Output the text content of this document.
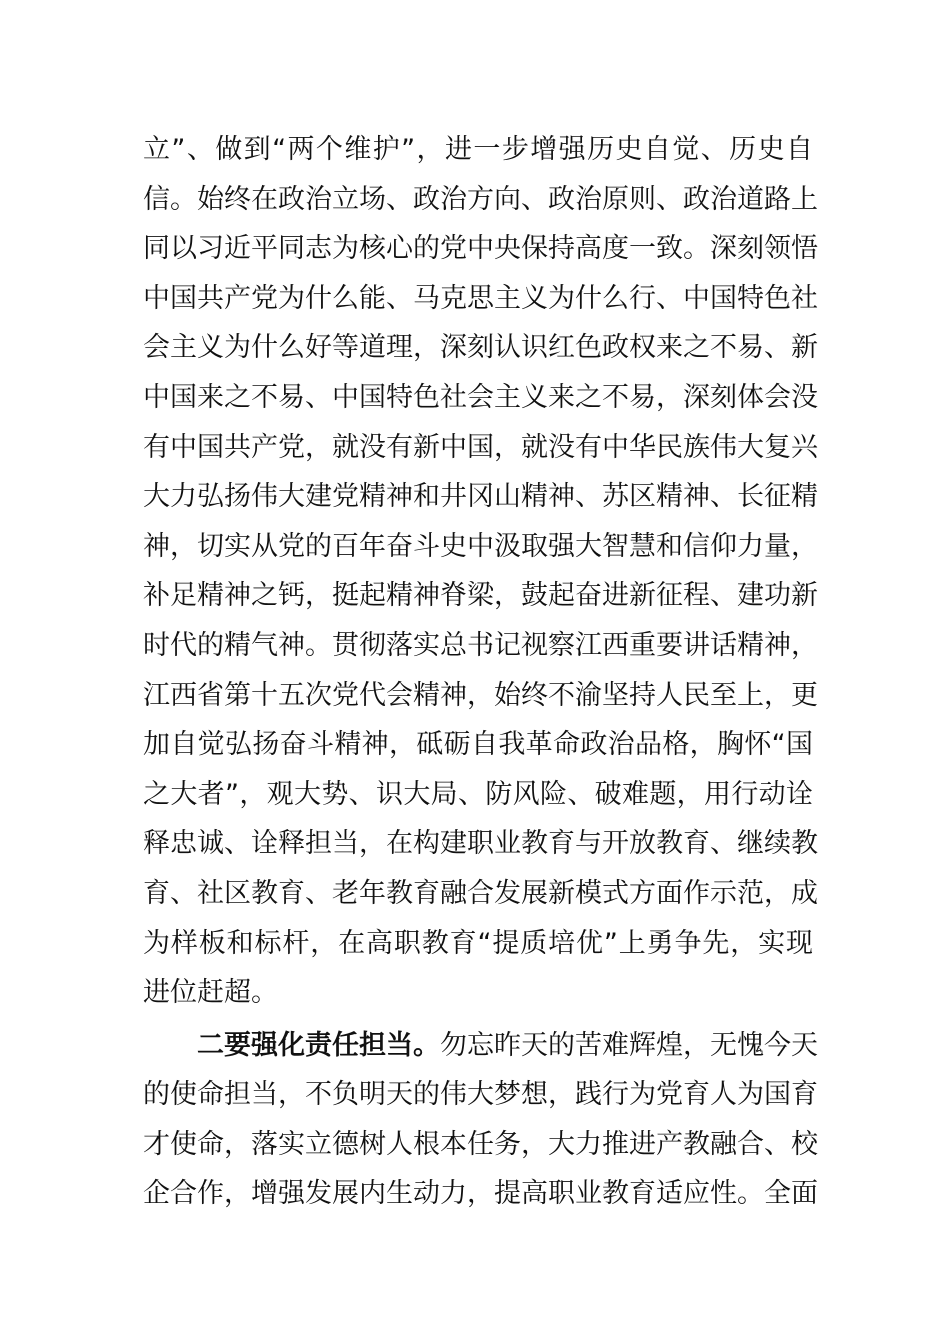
立”、做到“两个维护”，进一步增强历史自觉、历史自
信。始终在政治立场、政治方向、政治原则、政治道路上
同以习近平同志为核心的党中央保持高度一致。深刻领悟
中国共产党为什么能、马克思主义为什么行、中国特色社
会主义为什么好等道理，深刻认识红色政权来之不易、新
中国来之不易、中国特色社会主义来之不易，深刻体会没
有中国共产党，就没有新中国，就没有中华民族伟大复兴
大力弘扬伟大建党精神和井冈山精神、苏区精神、长征精
神，切实从党的百年奋斗史中汲取强大智慧和信仰力量，
补足精神之钙，挺起精神脊梁，鼓起奋进新征程、建功新
时代的精气神。贯彻落实总书记视察江西重要讲话精神，
江西省第十五次党代会精神，始终不渝坚持人民至上，更
加自觉弘扬奋斗精神，砥砺自我革命政治品格，胸怀“国
之大者”，观大势、识大局、防风险、破难题，用行动诠
释忠诚、诠释担当，在构建职业教育与开放教育、继续教
育、社区教育、老年教育融合发展新模式方面作示范，成
为样板和标杆，在高职教育“提质培优”上勇争先，实现
进位赶超。
二要强化责任担当。勿忘昨天的苦难辉煌，无愧今天
的使命担当，不负明天的伟大梦想，践行为党育人为国育
才使命，落实立德树人根本任务，大力推进产教融合、校
企合作，增强发展内生动力，提高职业教育适应性。全面
